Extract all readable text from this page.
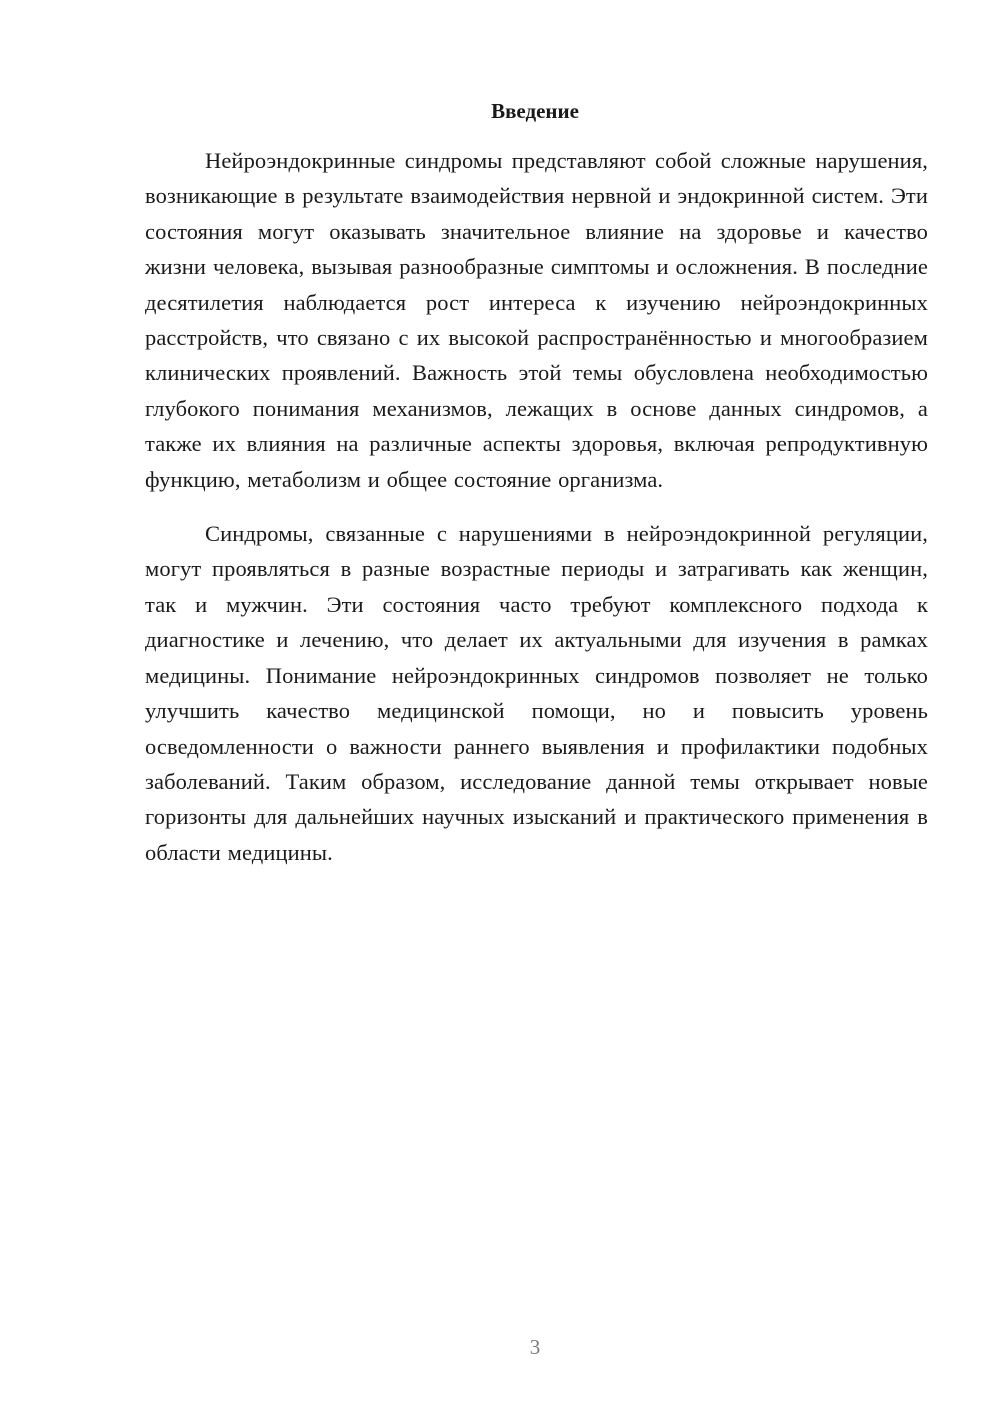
Введение

Нейроэндокринные синдромы представляют собой сложные нарушения, возникающие в результате взаимодействия нервной и эндокринной систем. Эти состояния могут оказывать значительное влияние на здоровье и качество жизни человека, вызывая разнообразные симптомы и осложнения. В последние десятилетия наблюдается рост интереса к изучению нейроэндокринных расстройств, что связано с их высокой распространённостью и многообразием клинических проявлений. Важность этой темы обусловлена необходимостью глубокого понимания механизмов, лежащих в основе данных синдромов, а также их влияния на различные аспекты здоровья, включая репродуктивную функцию, метаболизм и общее состояние организма.

Синдромы, связанные с нарушениями в нейроэндокринной регуляции, могут проявляться в разные возрастные периоды и затрагивать как женщин, так и мужчин. Эти состояния часто требуют комплексного подхода к диагностике и лечению, что делает их актуальными для изучения в рамках медицины. Понимание нейроэндокринных синдромов позволяет не только улучшить качество медицинской помощи, но и повысить уровень осведомленности о важности раннего выявления и профилактики подобных заболеваний. Таким образом, исследование данной темы открывает новые горизонты для дальнейших научных изысканий и практического применения в области медицины.

3
